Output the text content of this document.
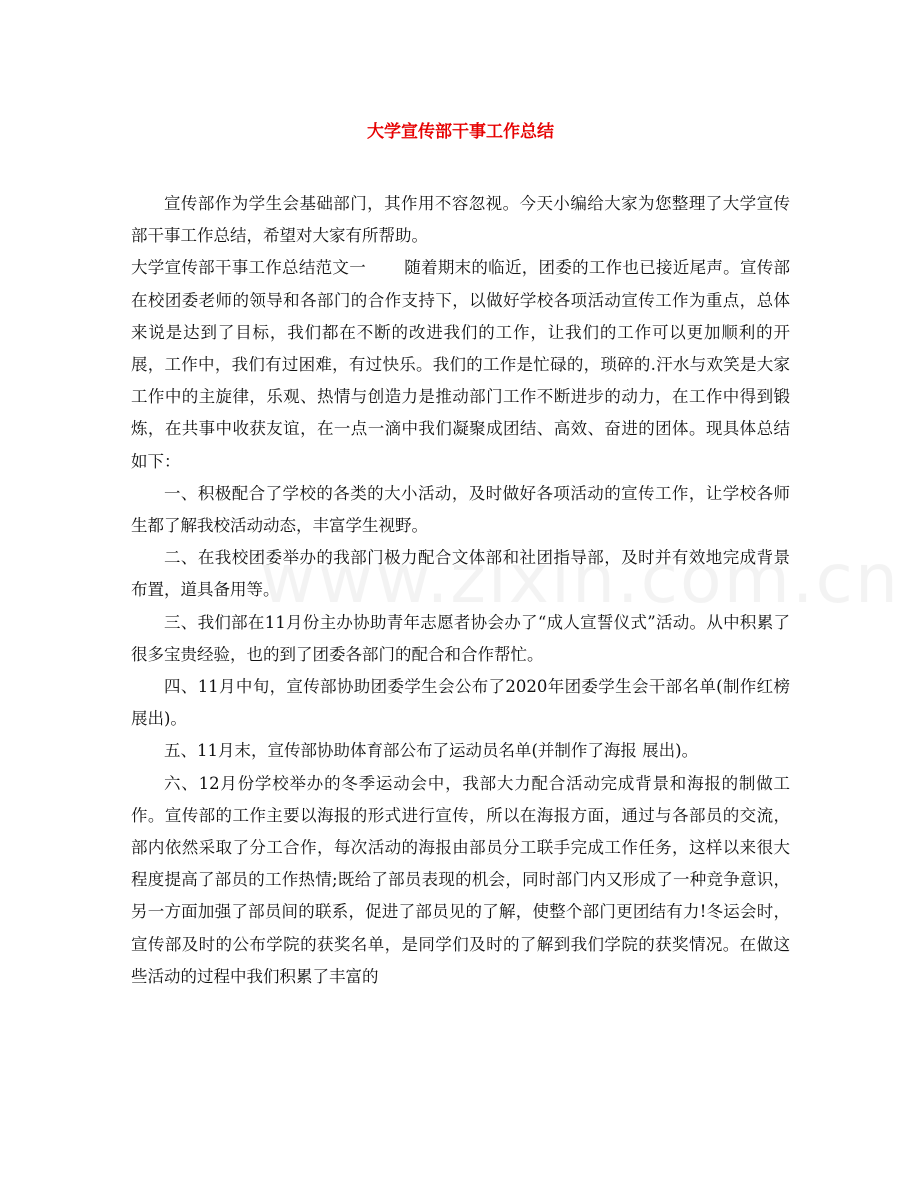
大学宣传部干事工作总结

宣传部作为学生会基础部门，其作用不容忽视。今天小编给大家为您整理了大学宣传部干事工作总结，希望对大家有所帮助。

大学宣传部干事工作总结范文一 随着期末的临近，团委的工作也已接近尾声。宣传部在校团委老师的领导和各部门的合作支持下，以做好学校各项活动宣传工作为重点，总体来说是达到了目标，我们都在不断的改进我们的工作，让我们的工作可以更加顺利的开展，工作中，我们有过困难，有过快乐。我们的工作是忙碌的，琐碎的.汗水与欢笑是大家工作中的主旋律，乐观、热情与创造力是推动部门工作不断进步的动力，在工作中得到锻炼，在共事中收获友谊，在一点一滴中我们凝聚成团结、高效、奋进的团体。现具体总结如下：

一、积极配合了学校的各类的大小活动，及时做好各项活动的宣传工作，让学校各师生都了解我校活动动态，丰富学生视野。

二、在我校团委举办的我部门极力配合文体部和社团指导部，及时并有效地完成背景布置，道具备用等。

三、我们部在11月份主办协助青年志愿者协会办了“成人宣誓仪式”活动。从中积累了很多宝贵经验，也的到了团委各部门的配合和合作帮忙。

四、11月中旬，宣传部协助团委学生会公布了2020年团委学生会干部名单(制作红榜展出)。

五、11月末，宣传部协助体育部公布了运动员名单(并制作了海报 展出)。

六、12月份学校举办的冬季运动会中，我部大力配合活动完成背景和海报的制做工作。宣传部的工作主要以海报的形式进行宣传，所以在海报方面，通过与各部员的交流，部内依然采取了分工合作，每次活动的海报由部员分工联手完成工作任务，这样以来很大程度提高了部员的工作热情;既给了部员表现的机会，同时部门内又形成了一种竞争意识，另一方面加强了部员间的联系，促进了部员见的了解，使整个部门更团结有力!冬运会时，宣传部及时的公布学院的获奖名单，是同学们及时的了解到我们学院的获奖情况。在做这些活动的过程中我们积累了丰富的
